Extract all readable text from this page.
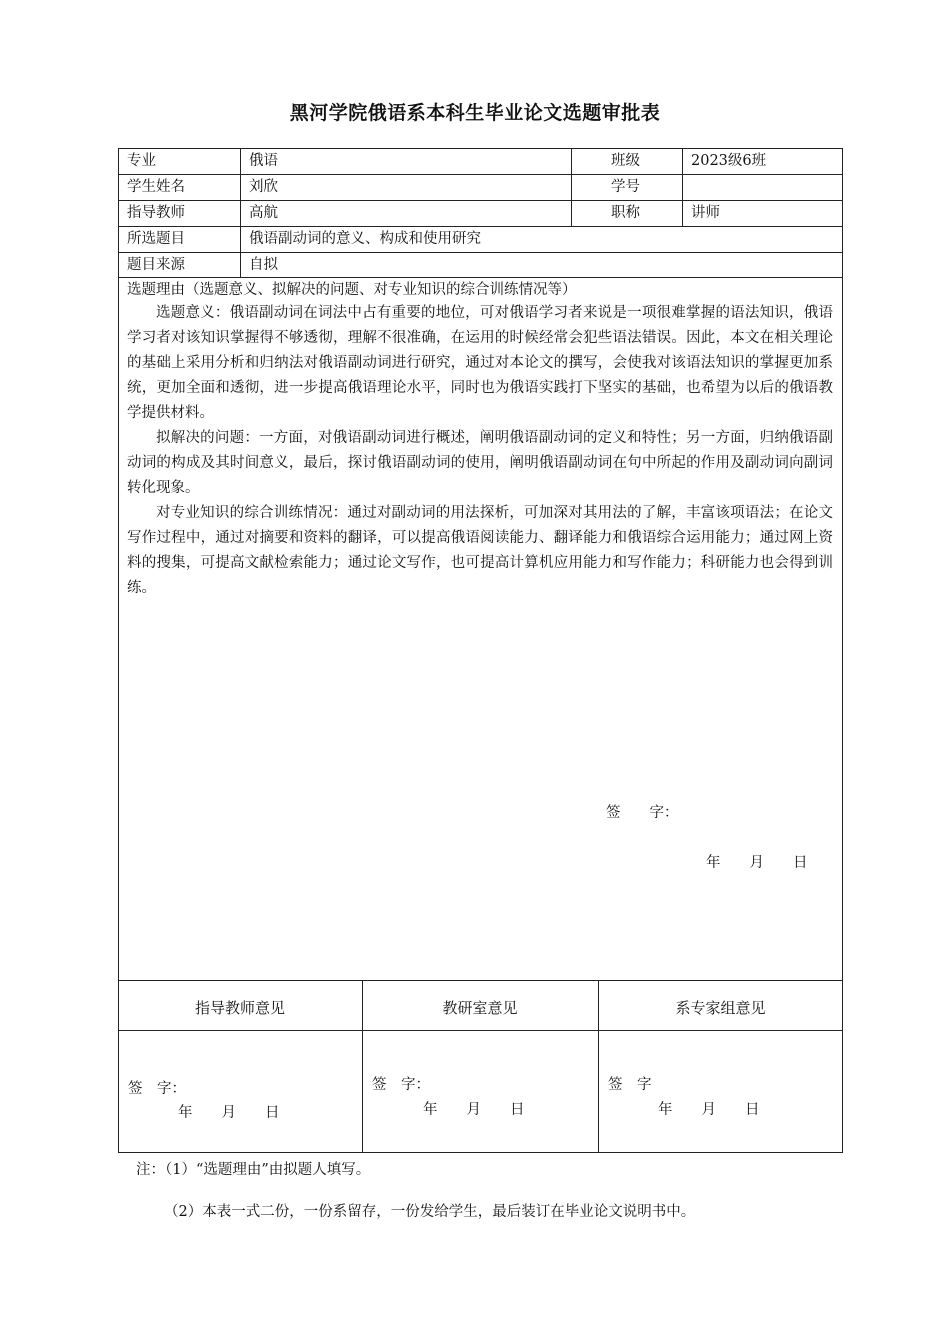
黑河学院俄语系本科生毕业论文选题审批表
专业	俄语	班级	2023级6班
学生姓名	刘欣	学号
指导教师	高航	职称	讲师
所选题目	俄语副动词的意义、构成和使用研究
题目来源	自拟
选题理由（选题意义、拟解决的问题、对专业知识的综合训练情况等）
选题意义：俄语副动词在词法中占有重要的地位，可对俄语学习者来说是一项很难掌握的语法知识，俄语学习者对该知识掌握得不够透彻，理解不很准确，在运用的时候经常会犯些语法错误。因此，本文在相关理论的基础上采用分析和归纳法对俄语副动词进行研究，通过对本论文的撰写，会使我对该语法知识的掌握更加系统，更加全面和透彻，进一步提高俄语理论水平，同时也为俄语实践打下坚实的基础，也希望为以后的俄语教学提供材料。
拟解决的问题：一方面，对俄语副动词进行概述，阐明俄语副动词的定义和特性；另一方面，归纳俄语副动词的构成及其时间意义，最后，探讨俄语副动词的使用，阐明俄语副动词在句中所起的作用及副动词向副词转化现象。
对专业知识的综合训练情况：通过对副动词的用法探析，可加深对其用法的了解，丰富该项语法；在论文写作过程中，通过对摘要和资料的翻译，可以提高俄语阅读能力、翻译能力和俄语综合运用能力；通过网上资料的搜集，可提高文献检索能力；通过论文写作，也可提高计算机应用能力和写作能力；科研能力也会得到训练。
签　　字：
年　　月　　日
指导教师意见	教研室意见	系专家组意见
签　字：
年　　月　　日
签　字：
年　　月　　日
签　字
年　　月　　日
注：（1）“选题理由”由拟题人填写。
（2）本表一式二份，一份系留存，一份发给学生，最后装订在毕业论文说明书中。
